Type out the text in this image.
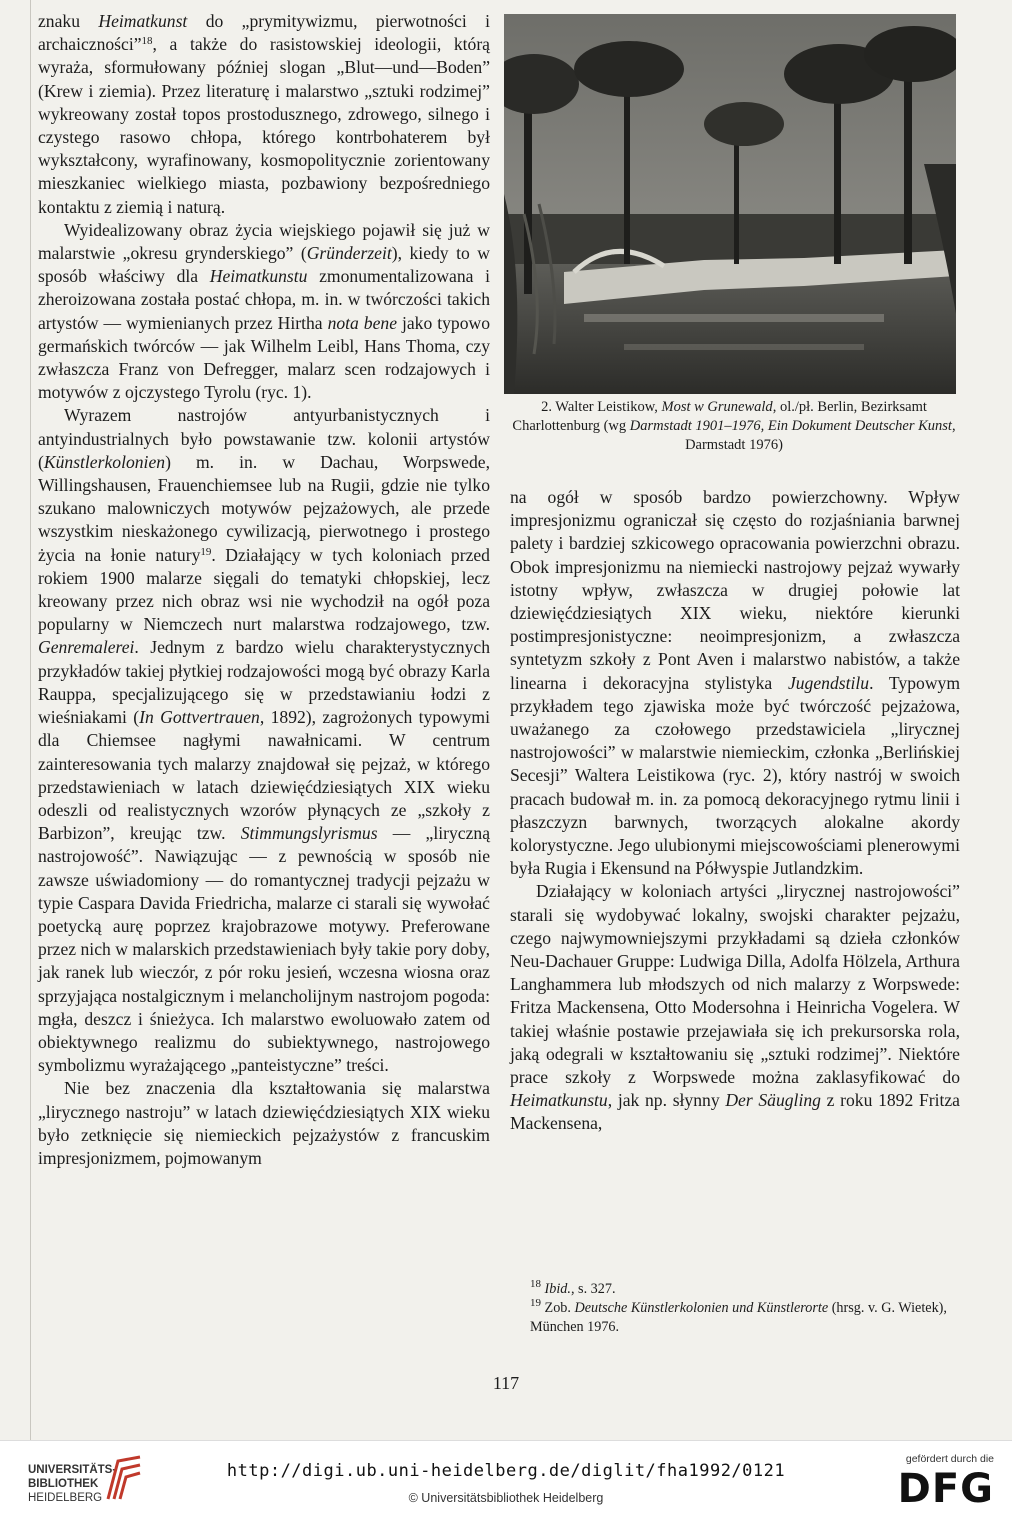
znaku Heimatkunst do „prymitywizmu, pierwotności i archaiczności”$^{18}$, a także do rasistowskiej ideologii, którą wyraża, sformułowany później slogan „Blut—und—Boden” (Krew i ziemia). Przez literaturę i malarstwo „sztuki rodzimej” wykreowany został topos prostodusznego, zdrowego, silnego i czystego rasowo chłopa, którego kontrbohaterem był wykształcony, wyrafinowany, kosmopolitycznie zorientowany mieszkaniec wielkiego miasta, pozbawiony bezpośredniego kontaktu z ziemią i naturą.

Wyidealizowany obraz życia wiejskiego pojawił się już w malarstwie „okresu grynderskiego” (Gründerzeit), kiedy to w sposób właściwy dla Heimatkunstu zmonumentalizowana i zheroizowana została postać chłopa, m. in. w twórczości takich artystów — wymienianych przez Hirtha nota bene jako typowo germańskich twórców — jak Wilhelm Leibl, Hans Thoma, czy zwłaszcza Franz von Defregger, malarz scen rodzajowych i motywów z ojczystego Tyrolu (ryc. 1).

Wyrazem nastrojów antyurbanistycznych i antyindustrialnych było powstawanie tzw. kolonii artystów (Künstlerkolonien) m. in. w Dachau, Worpswede, Willingshausen, Frauenchiemsee lub na Rugii, gdzie nie tylko szukano malowniczych motywów pejzażowych, ale przede wszystkim nieskażonego cywilizacją, pierwotnego i prostego życia na łonie natury$^{19}$. Działający w tych koloniach przed rokiem 1900 malarze sięgali do tematyki chłopskiej, lecz kreowany przez nich obraz wsi nie wychodził na ogół poza popularny w Niemczech nurt malarstwa rodzajowego, tzw. Genremalerei. Jednym z bardzo wielu charakterystycznych przykładów takiej płytkiej rodzajowości mogą być obrazy Karla Rauppa, specjalizującego się w przedstawianiu łodzi z wieśniakami (In Gottvertrauen, 1892), zagrożonych typowymi dla Chiemsee nagłymi nawałnicami. W centrum zainteresowania tych malarzy znajdował się pejzaż, w którego przedstawieniach w latach dziewięćdziesiątych XIX wieku odeszli od realistycznych wzorów płynących ze „szkoły z Barbizon”, kreując tzw. Stimmungslyrismus — „liryczną nastrojowość”. Nawiązując — z pewnością w sposób nie zawsze uświadomiony — do romantycznej tradycji pejzażu w typie Caspara Davida Friedricha, malarze ci starali się wywołać poetycką aurę poprzez krajobrazowe motywy. Preferowane przez nich w malarskich przedstawieniach były takie pory doby, jak ranek lub wieczór, z pór roku jesień, wczesna wiosna oraz sprzyjająca nostalgicznym i melancholijnym nastrojom pogoda: mgła, deszcz i śnieżyca. Ich malarstwo ewoluowało zatem od obiektywnego realizmu do subiektywnego, nastrojowego symbolizmu wyrażającego „panteistyczne” treści.

Nie bez znaczenia dla kształtowania się malarstwa „lirycznego nastroju” w latach dziewięćdziesiątych XIX wieku było zetknięcie się niemieckich pejzażystów z francuskim impresjonizmem, pojmowanym

2. Walter Leistikow, Most w Grunewald, ol./pł. Berlin, Bezirksamt Charlottenburg (wg Darmstadt 1901–1976, Ein Dokument Deutscher Kunst, Darmstadt 1976)

na ogół w sposób bardzo powierzchowny. Wpływ impresjonizmu ograniczał się często do rozjaśniania barwnej palety i bardziej szkicowego opracowania powierzchni obrazu. Obok impresjonizmu na niemiecki nastrojowy pejzaż wywarły istotny wpływ, zwłaszcza w drugiej połowie lat dziewięćdziesiątych XIX wieku, niektóre kierunki postimpresjonistyczne: neoimpresjonizm, a zwłaszcza syntetyzm szkoły z Pont Aven i malarstwo nabistów, a także linearna i dekoracyjna stylistyka Jugendstilu. Typowym przykładem tego zjawiska może być twórczość pejzażowa, uważanego za czołowego przedstawiciela „lirycznej nastrojowości” w malarstwie niemieckim, członka „Berlińskiej Secesji” Waltera Leistikowa (ryc. 2), który nastrój w swoich pracach budował m. in. za pomocą dekoracyjnego rytmu linii i płaszczyzn barwnych, tworzących alokalne akordy kolorystyczne. Jego ulubionymi miejscowościami plenerowymi była Rugia i Ekensund na Półwyspie Jutlandzkim.

Działający w koloniach artyści „lirycznej nastrojowości” starali się wydobywać lokalny, swojski charakter pejzażu, czego najwymowniejszymi przykładami są dzieła członków Neu-Dachauer Gruppe: Ludwiga Dilla, Adolfa Hölzela, Arthura Langhammera lub młodszych od nich malarzy z Worpswede: Fritza Mackensena, Otto Modersohna i Heinricha Vogelera. W takiej właśnie postawie przejawiała się ich prekursorska rola, jaką odegrali w kształtowaniu się „sztuki rodzimej”. Niektóre prace szkoły z Worpswede można zaklasyfikować do Heimatkunstu, jak np. słynny Der Säugling z roku 1892 Fritza Mackensena,

$^{18}$ Ibid., s. 327.
$^{19}$ Zob. Deutsche Künstlerkolonien und Künstlerorte (hrsg. v. G. Wietek), München 1976.
117
UNIVERSITÄTS-
BIBLIOTHEK
HEIDELBERG
http://digi.ub.uni-heidelberg.de/diglit/fha1992/0121
© Universitätsbibliothek Heidelberg
gefördert durch die
DFG
